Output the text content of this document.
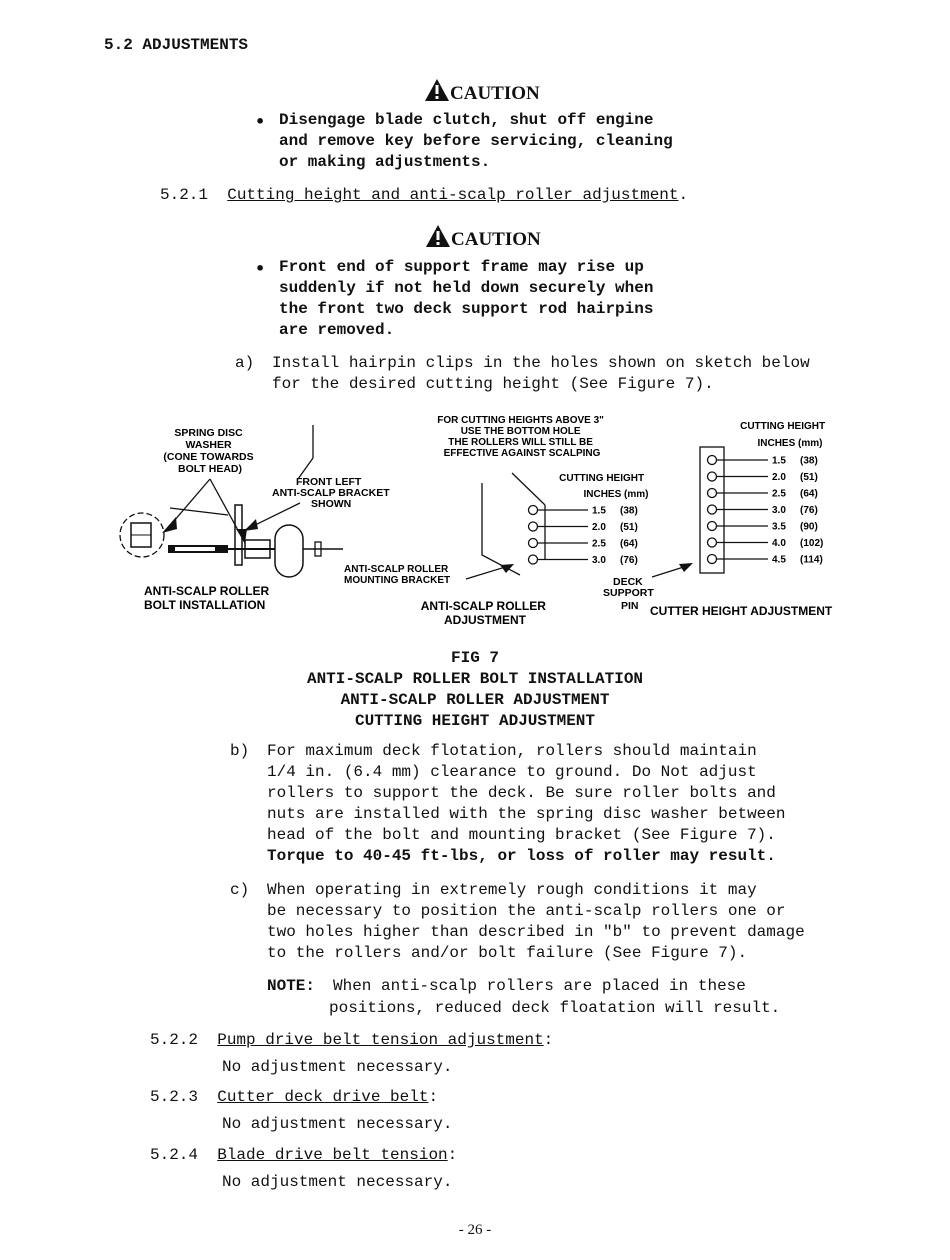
5.2 ADJUSTMENTS
CAUTION
• Disengage blade clutch, shut off engine
and remove key before servicing, cleaning
or making adjustments.
5.2.1 Cutting height and anti-scalp roller adjustment.
CAUTION
• Front end of support frame may rise up
suddenly if not held down securely when
the front two deck support rod hairpins
are removed.
a) Install hairpin clips in the holes shown on sketch below
for the desired cutting height (See Figure 7).
SPRING DISC WASHER (CONE TOWARDS BOLT HEAD)
FRONT LEFT ANTI-SCALP BRACKET SHOWN
ANTI-SCALP ROLLER BOLT INSTALLATION
FOR CUTTING HEIGHTS ABOVE 3" USE THE BOTTOM HOLE THE ROLLERS WILL STILL BE EFFECTIVE AGAINST SCALPING
CUTTING HEIGHT INCHES (mm)
1.5 (38)
2.0 (51)
2.5 (64)
3.0 (76)
ANTI-SCALP ROLLER MOUNTING BRACKET
ANTI-SCALP ROLLER ADJUSTMENT
CUTTING HEIGHT INCHES (mm)
1.5 (38)
2.0 (51)
2.5 (64)
3.0 (76)
3.5 (90)
4.0 (102)
4.5 (114)
DECK SUPPORT PIN CUTTER HEIGHT ADJUSTMENT
FIG 7
ANTI-SCALP ROLLER BOLT INSTALLATION
ANTI-SCALP ROLLER ADJUSTMENT
CUTTING HEIGHT ADJUSTMENT
b) For maximum deck flotation, rollers should maintain
1/4 in. (6.4 mm) clearance to ground. Do Not adjust
rollers to support the deck. Be sure roller bolts and
nuts are installed with the spring disc washer between
head of the bolt and mounting bracket (See Figure 7).
Torque to 40-45 ft-lbs, or loss of roller may result.
c) When operating in extremely rough conditions it may
be necessary to position the anti-scalp rollers one or
two holes higher than described in "b" to prevent damage
to the rollers and/or bolt failure (See Figure 7).
NOTE: When anti-scalp rollers are placed in these
positions, reduced deck floatation will result.
5.2.2 Pump drive belt tension adjustment:
No adjustment necessary.
5.2.3 Cutter deck drive belt:
No adjustment necessary.
5.2.4 Blade drive belt tension:
No adjustment necessary.
- 26 -
